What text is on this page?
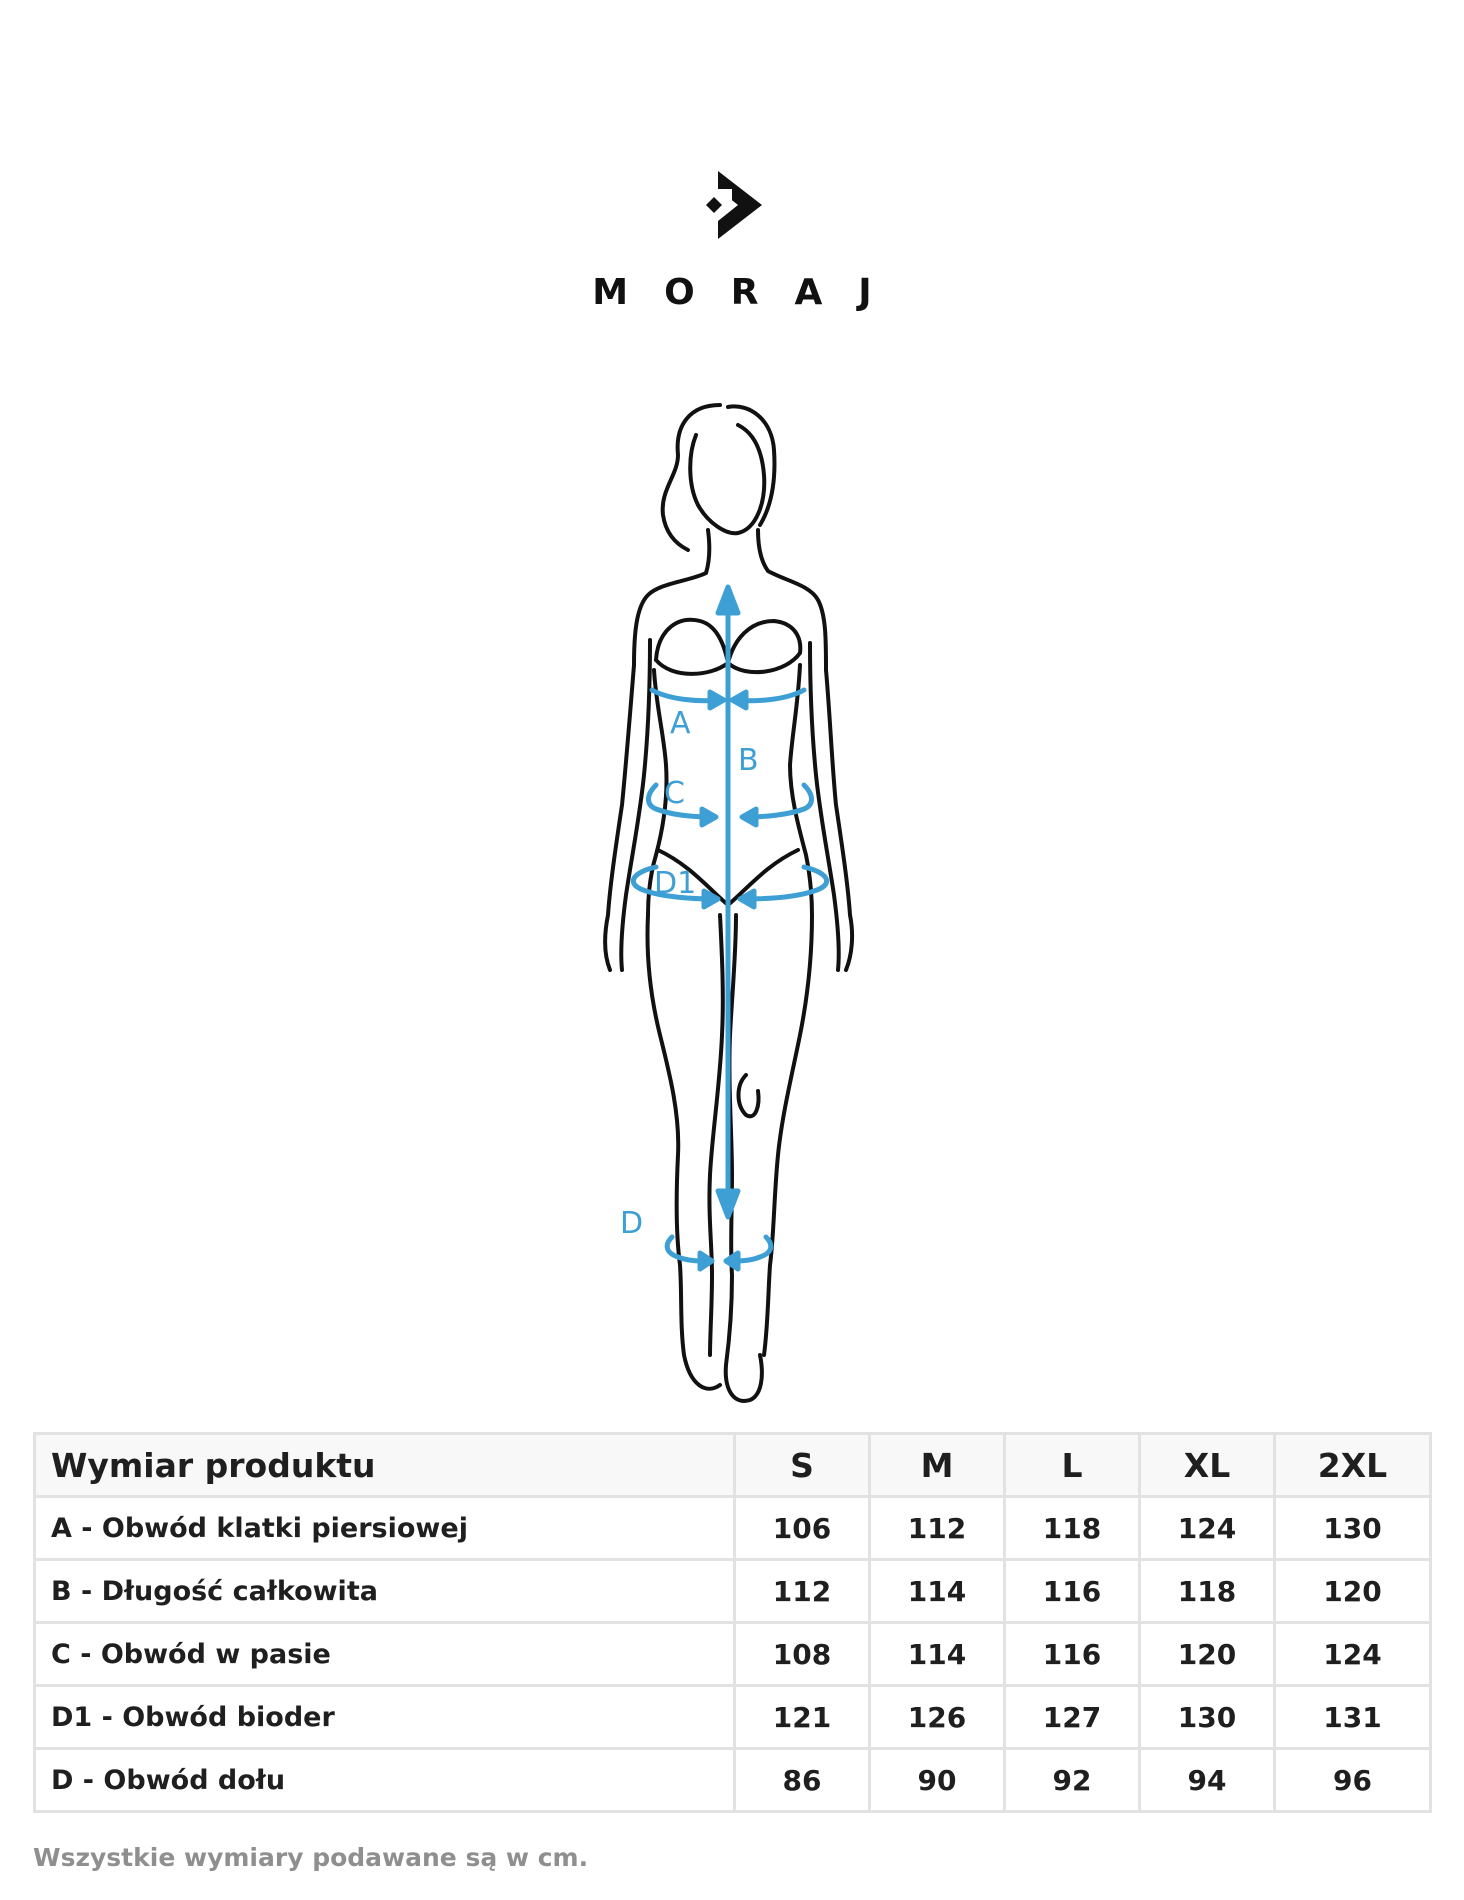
MORAJ
A
B
C
D1
D
Wymiar produktu	S	M	L	XL	2XL
A - Obwód klatki piersiowej	106	112	118	124	130
B - Długość całkowita	112	114	116	118	120
C - Obwód w pasie	108	114	116	120	124
D1 - Obwód bioder	121	126	127	130	131
D - Obwód dołu	86	90	92	94	96
Wszystkie wymiary podawane są w cm.
